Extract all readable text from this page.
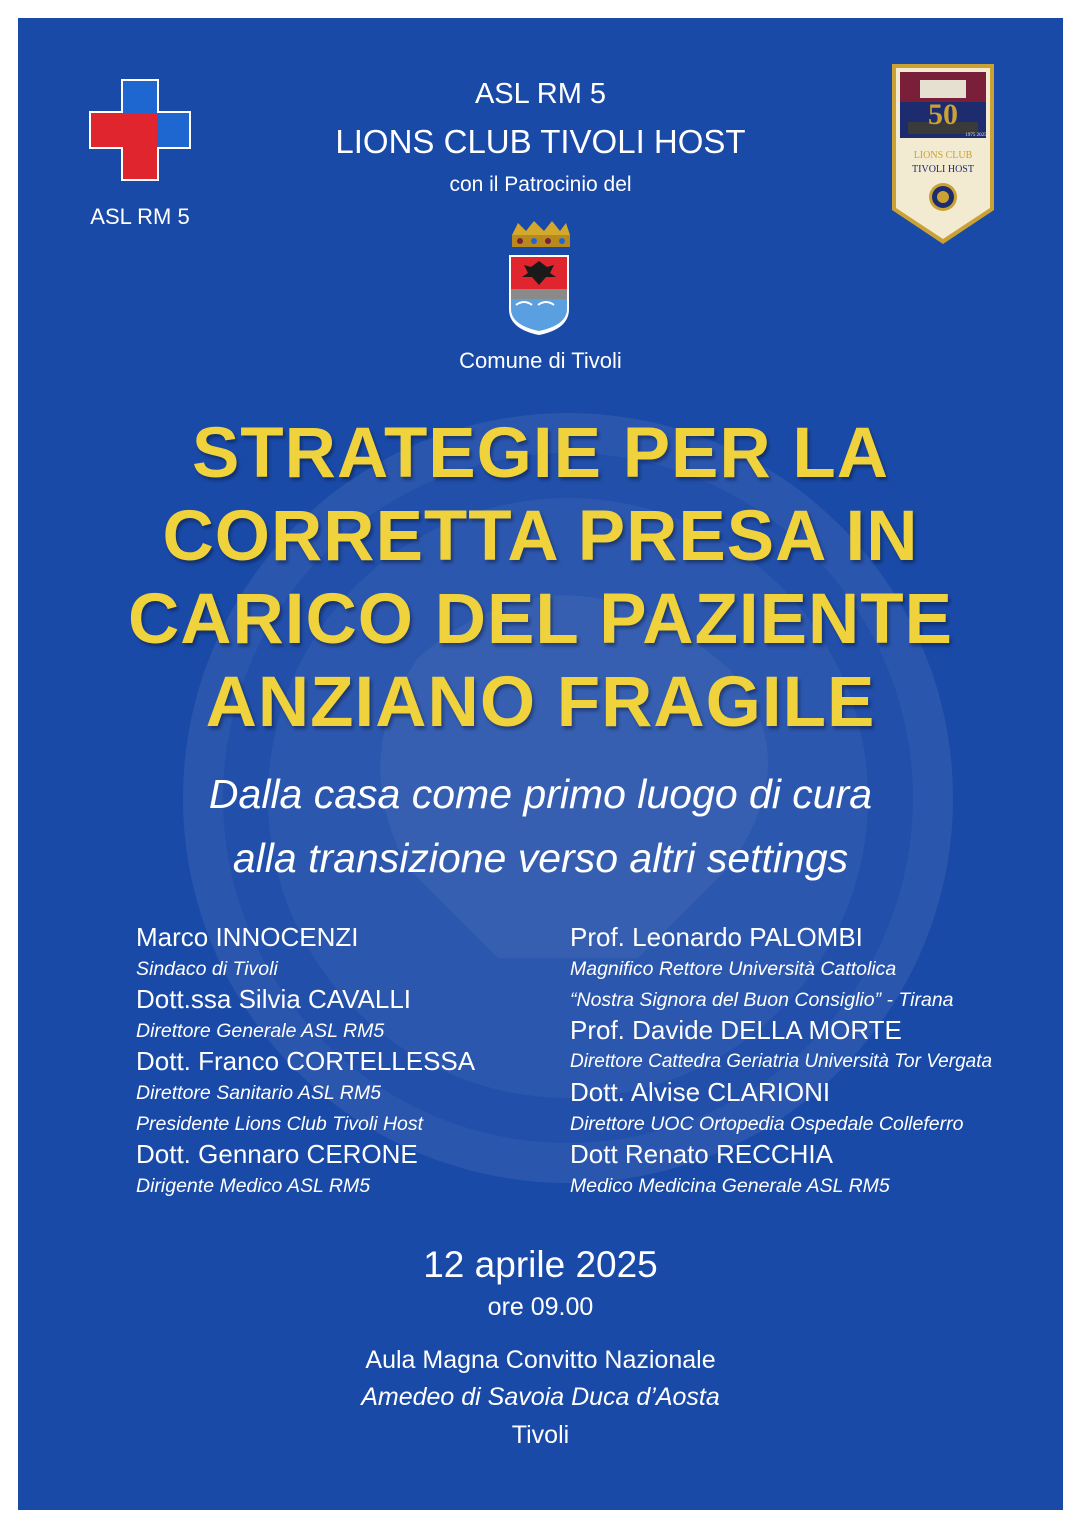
ASL RM 5
ASL RM 5
LIONS CLUB TIVOLI HOST
con il Patrocinio del
50
1975 2025
LIONS CLUB
TIVOLI HOST
Comune di Tivoli
STRATEGIE PER LA
CORRETTA PRESA IN
CARICO DEL PAZIENTE
ANZIANO FRAGILE
Dalla casa come primo luogo di cura
alla transizione verso altri settings
Marco INNOCENZI
Sindaco di Tivoli
Dott.ssa Silvia CAVALLI
Direttore Generale ASL RM5
Dott. Franco CORTELLESSA
Direttore Sanitario ASL RM5
Presidente Lions Club Tivoli Host
Dott. Gennaro CERONE
Dirigente Medico ASL RM5
Prof. Leonardo PALOMBI
Magnifico Rettore Università Cattolica
“Nostra Signora del Buon Consiglio” - Tirana
Prof. Davide DELLA MORTE
Direttore Cattedra Geriatria Università Tor Vergata
Dott. Alvise CLARIONI
Direttore UOC Ortopedia Ospedale Colleferro
Dott Renato RECCHIA
Medico Medicina Generale ASL RM5
12 aprile 2025
ore 09.00
Aula Magna Convitto Nazionale
Amedeo di Savoia Duca d’Aosta
Tivoli
